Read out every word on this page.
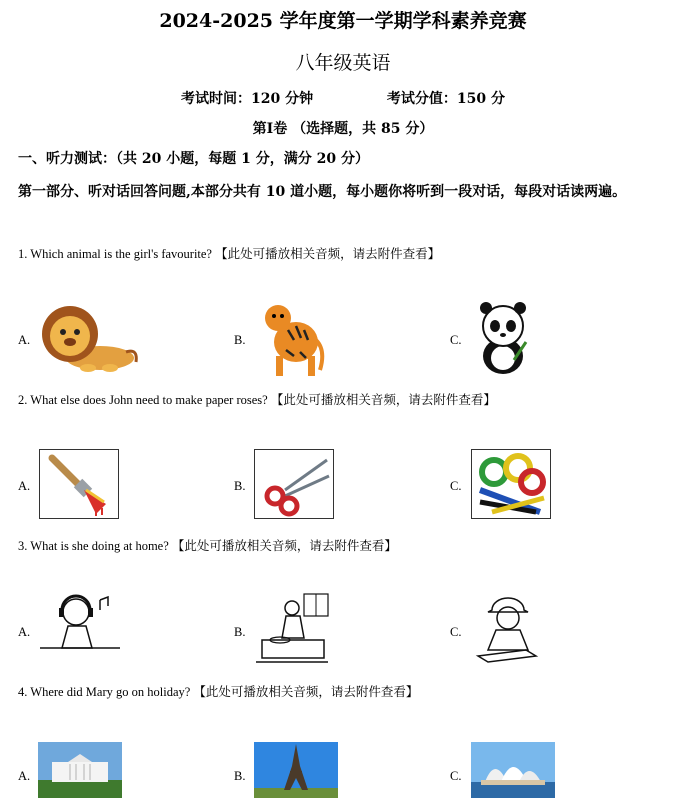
2024-2025 学年度第一学期学科素养竞赛
八年级英语
考试时间：120 分钟	考试分值：150 分
第Ⅰ卷 （选择题，共 85 分）
一、听力测试：（共 20 小题，每题 1 分，满分 20 分）
第一部分、听对话回答问题,本部分共有 10 道小题，每小题你将听到一段对话，每段对话读两遍。
1. Which animal is the girl's favourite? 【此处可播放相关音频，请去附件查看】
A.	B.	C.
2. What else does John need to make paper roses? 【此处可播放相关音频，请去附件查看】
A.	B.	C.
3. What is she doing at home? 【此处可播放相关音频，请去附件查看】
A.	B.	C.
4. Where did Mary go on holiday? 【此处可播放相关音频，请去附件查看】
A.	B.	C.
